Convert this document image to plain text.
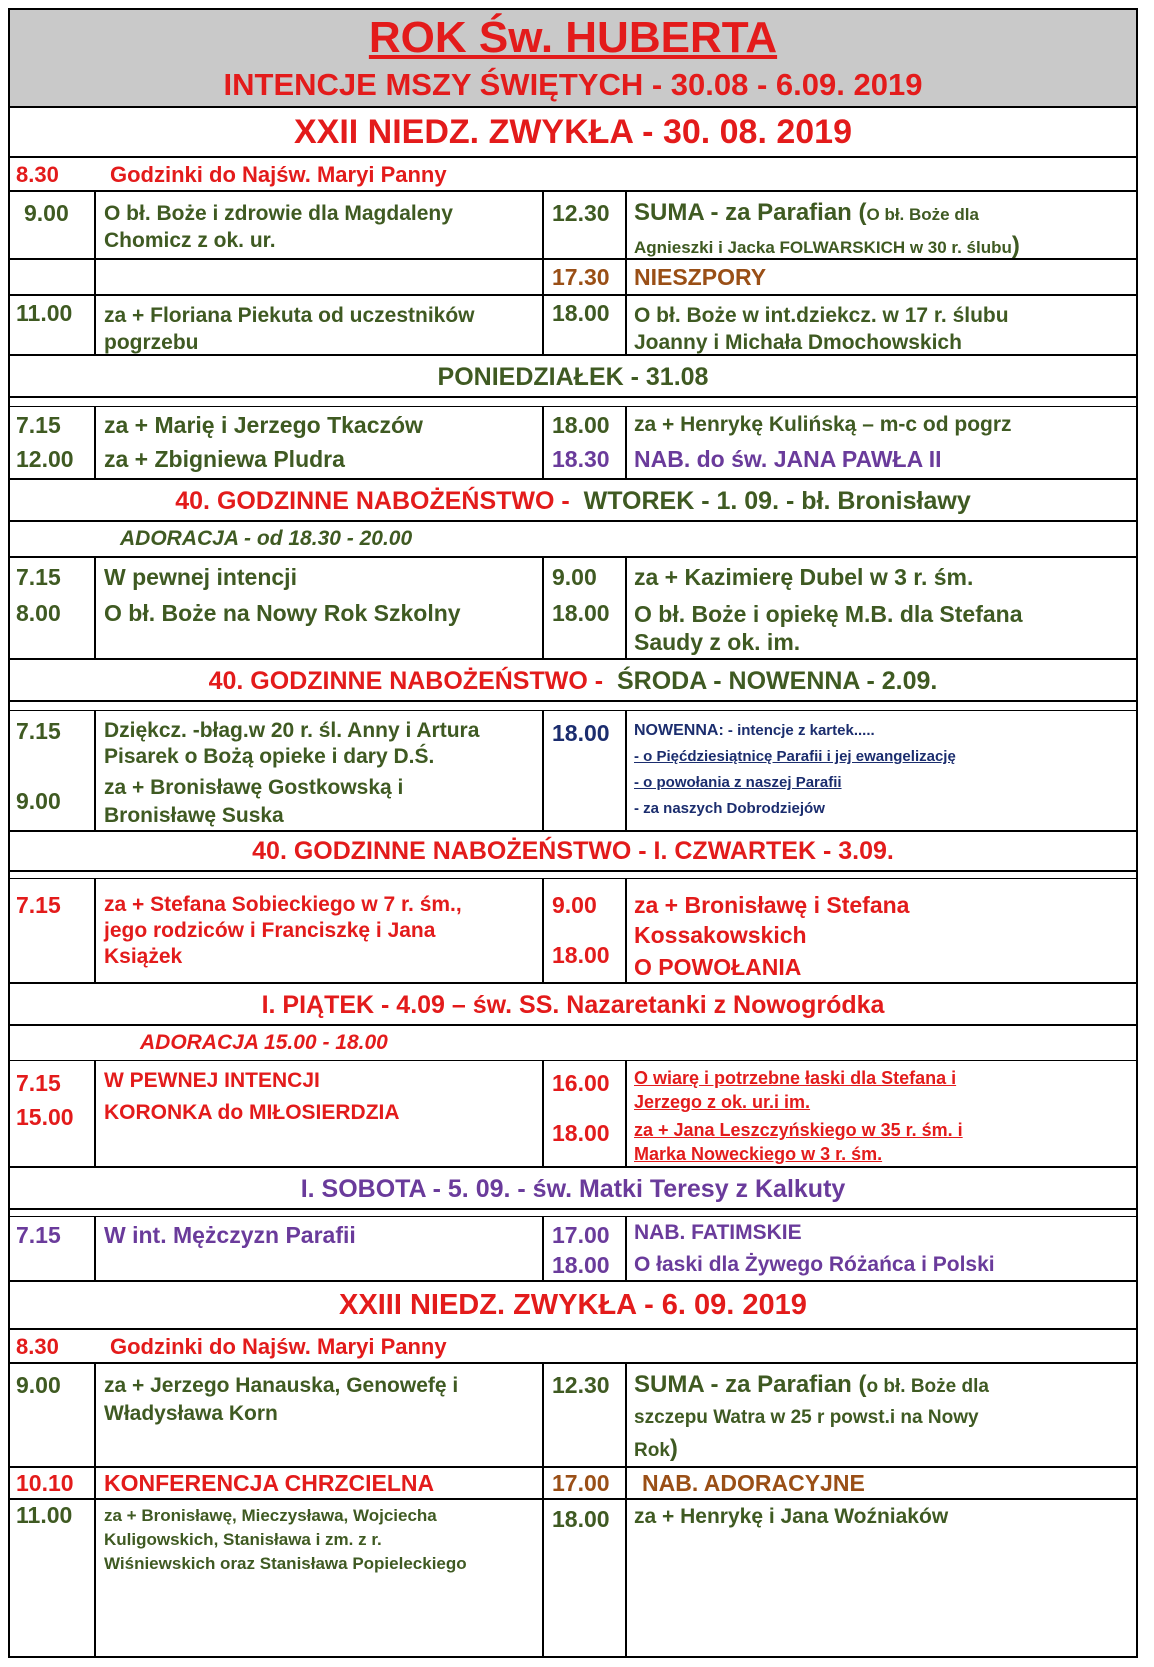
ROK Św. HUBERTA
INTENCJE MSZY ŚWIĘTYCH - 30.08 - 6.09. 2019
XXII NIEDZ. ZWYKŁA - 30. 08. 2019
8.30 Godzinki do Najśw. Maryi Panny
9.00 O bł. Boże i zdrowie dla Magdaleny
Chomicz z ok. ur.
12.30 SUMA - za Parafian (O bł. Boże dla
Agnieszki i Jacka FOLWARSKICH w 30 r. ślubu)
17.30 NIESZPORY
11.00 za + Floriana Piekuta od uczestników
pogrzebu
18.00 O bł. Boże w int.dziekcz. w 17 r. ślubu
Joanny i Michała Dmochowskich
PONIEDZIAŁEK - 31.08
7.15 za + Marię i Jerzego Tkaczów
12.00 za + Zbigniewa Pludra
18.00 za + Henrykę Kulińską – m-c od pogrz
18.30 NAB. do św. JANA PAWŁA II
40. GODZINNE NABOŻEŃSTWO - WTOREK - 1. 09. - bł. Bronisławy
ADORACJA - od 18.30 - 20.00
7.15 W pewnej intencji
8.00 O bł. Boże na Nowy Rok Szkolny
9.00 za + Kazimierę Dubel w 3 r. śm.
18.00 O bł. Boże i opiekę M.B. dla Stefana
Saudy z ok. im.
40. GODZINNE NABOŻEŃSTWO - ŚRODA - NOWENNA - 2.09.
7.15 Dziękcz. -błag.w 20 r. śl. Anny i Artura
Pisarek o Bożą opieke i dary D.Ś.
9.00
za + Bronisławę Gostkowską i
Bronisławę Suska
18.00 NOWENNA: - intencje z kartek.....
- o Pięćdziesiątnicę Parafii i jej ewangelizację
- o powołania z naszej Parafii
- za naszych Dobrodziejów
40. GODZINNE NABOŻEŃSTWO - I. CZWARTEK - 3.09.
7.15 za + Stefana Sobieckiego w 7 r. śm.,
jego rodziców i Franciszkę i Jana
Książek
9.00 za + Bronisławę i Stefana
Kossakowskich
18.00 O POWOŁANIA
I. PIĄTEK - 4.09 – św. SS. Nazaretanki z Nowogródka
ADORACJA 15.00 - 18.00
7.15 W PEWNEJ INTENCJI
15.00 KORONKA do MIŁOSIERDZIA
16.00 O wiarę i potrzebne łaski dla Stefana i
Jerzego z ok. ur.i im.
18.00 za + Jana Leszczyńskiego w 35 r. śm. i
Marka Noweckiego w 3 r. śm.
I. SOBOTA - 5. 09. - św. Matki Teresy z Kalkuty
7.15 W int. Mężczyzn Parafii	17.00 NAB. FATIMSKIE
18.00 O łaski dla Żywego Różańca i Polski
XXIII NIEDZ. ZWYKŁA - 6. 09. 2019
8.30 Godzinki do Najśw. Maryi Panny
9.00 za + Jerzego Hanauska, Genowefę i
Władysława Korn
12.30 SUMA - za Parafian (o bł. Boże dla
szczepu Watra w 25 r powst.i na Nowy
Rok)
10.10 KONFERENCJA CHRZCIELNA	17.00 NAB. ADORACYJNE
11.00 za + Bronisławę, Mieczysława, Wojciecha
Kuligowskich, Stanisława i zm. z r.
Wiśniewskich oraz Stanisława Popieleckiego
18.00 za + Henrykę i Jana Woźniaków
